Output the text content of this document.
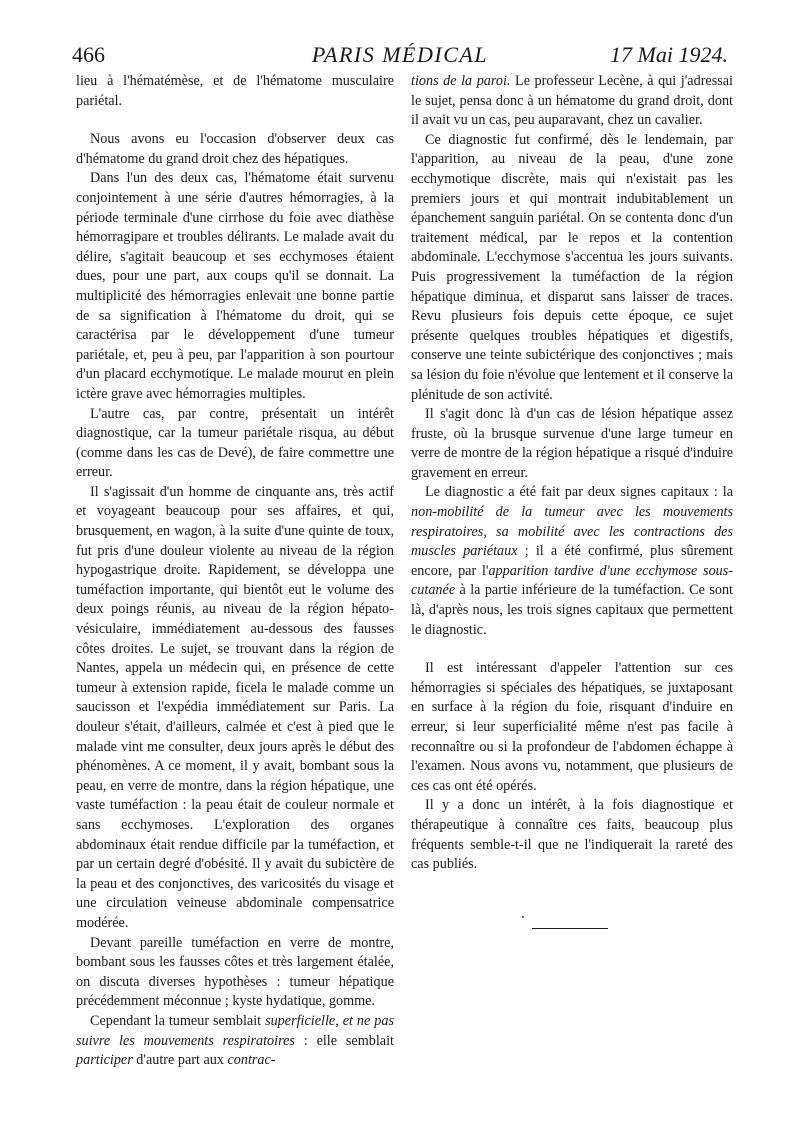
466	PARIS MÉDICAL	17 Mai 1924.

lieu à l'hématémèse, et de l'hématome musculaire pariétal.

Nous avons eu l'occasion d'observer deux cas d'hématome du grand droit chez des hépatiques.

Dans l'un des deux cas, l'hématome était survenu conjointement à une série d'autres hémorragies, à la période terminale d'une cirrhose du foie avec diathèse hémorragipare et troubles délirants. Le malade avait du délire, s'agitait beaucoup et ses ecchymoses étaient dues, pour une part, aux coups qu'il se donnait. La multiplicité des hémorragies enlevait une bonne partie de sa signification à l'hématome du droit, qui se caractérisa par le développement d'une tumeur pariétale, et, peu à peu, par l'apparition à son pourtour d'un placard ecchymotique. Le malade mourut en plein ictère grave avec hémorragies multiples.

L'autre cas, par contre, présentait un intérêt diagnostique, car la tumeur pariétale risqua, au début (comme dans les cas de Devé), de faire commettre une erreur.

Il s'agissait d'un homme de cinquante ans, très actif et voyageant beaucoup pour ses affaires, et qui, brusquement, en wagon, à la suite d'une quinte de toux, fut pris d'une douleur violente au niveau de la région hypogastrique droite. Rapidement, se développa une tuméfaction importante, qui bientôt eut le volume des deux poings réunis, au niveau de la région hépato-vésiculaire, immédiatement au-dessous des fausses côtes droites. Le sujet, se trouvant dans la région de Nantes, appela un médecin qui, en présence de cette tumeur à extension rapide, ficela le malade comme un saucisson et l'expédia immédiatement sur Paris. La douleur s'était, d'ailleurs, calmée et c'est à pied que le malade vint me consulter, deux jours après le début des phénomènes. A ce moment, il y avait, bombant sous la peau, en verre de montre, dans la région hépatique, une vaste tuméfaction : la peau était de couleur normale et sans ecchymoses. L'exploration des organes abdominaux était rendue difficile par la tuméfaction, et par un certain degré d'obésité. Il y avait du subictère de la peau et des conjonctives, des varicosités du visage et une circulation veineuse abdominale compensatrice modérée.

Devant pareille tuméfaction en verre de montre, bombant sous les fausses côtes et très largement étalée, on discuta diverses hypothèses : tumeur hépatique précédemment méconnue ; kyste hydatique, gomme.

Cependant la tumeur semblait superficielle, et ne pas suivre les mouvements respiratoires : elle semblait participer d'autre part aux contrac-

tions de la paroi. Le professeur Lecène, à qui j'adressai le sujet, pensa donc à un hématome du grand droit, dont il avait vu un cas, peu auparavant, chez un cavalier.

Ce diagnostic fut confirmé, dès le lendemain, par l'apparition, au niveau de la peau, d'une zone ecchymotique discrète, mais qui n'existait pas les premiers jours et qui montrait indubitablement un épanchement sanguin pariétal. On se contenta donc d'un traitement médical, par le repos et la contention abdominale. L'ecchymose s'accentua les jours suivants. Puis progressivement la tuméfaction de la région hépatique diminua, et disparut sans laisser de traces. Revu plusieurs fois depuis cette époque, ce sujet présente quelques troubles hépatiques et digestifs, conserve une teinte subictérique des conjonctives ; mais sa lésion du foie n'évolue que lentement et il conserve la plénitude de son activité.

Il s'agit donc là d'un cas de lésion hépatique assez fruste, où la brusque survenue d'une large tumeur en verre de montre de la région hépatique a risqué d'induire gravement en erreur.

Le diagnostic a été fait par deux signes capitaux : la non-mobilité de la tumeur avec les mouvements respiratoires, sa mobilité avec les contractions des muscles pariétaux ; il a été confirmé, plus sûrement encore, par l'apparition tardive d'une ecchymose sous-cutanée à la partie inférieure de la tuméfaction. Ce sont là, d'après nous, les trois signes capitaux que permettent le diagnostic.

Il est intéressant d'appeler l'attention sur ces hémorragies si spéciales des hépatiques, se juxtaposant en surface à la région du foie, risquant d'induire en erreur, si leur superficialité même n'est pas facile à reconnaître ou si la profondeur de l'abdomen échappe à l'examen. Nous avons vu, notamment, que plusieurs de ces cas ont été opérés.

Il y a donc un intérêt, à la fois diagnostique et thérapeutique à connaître ces faits, beaucoup plus fréquents semble-t-il que ne l'indiquerait la rareté des cas publiés.
